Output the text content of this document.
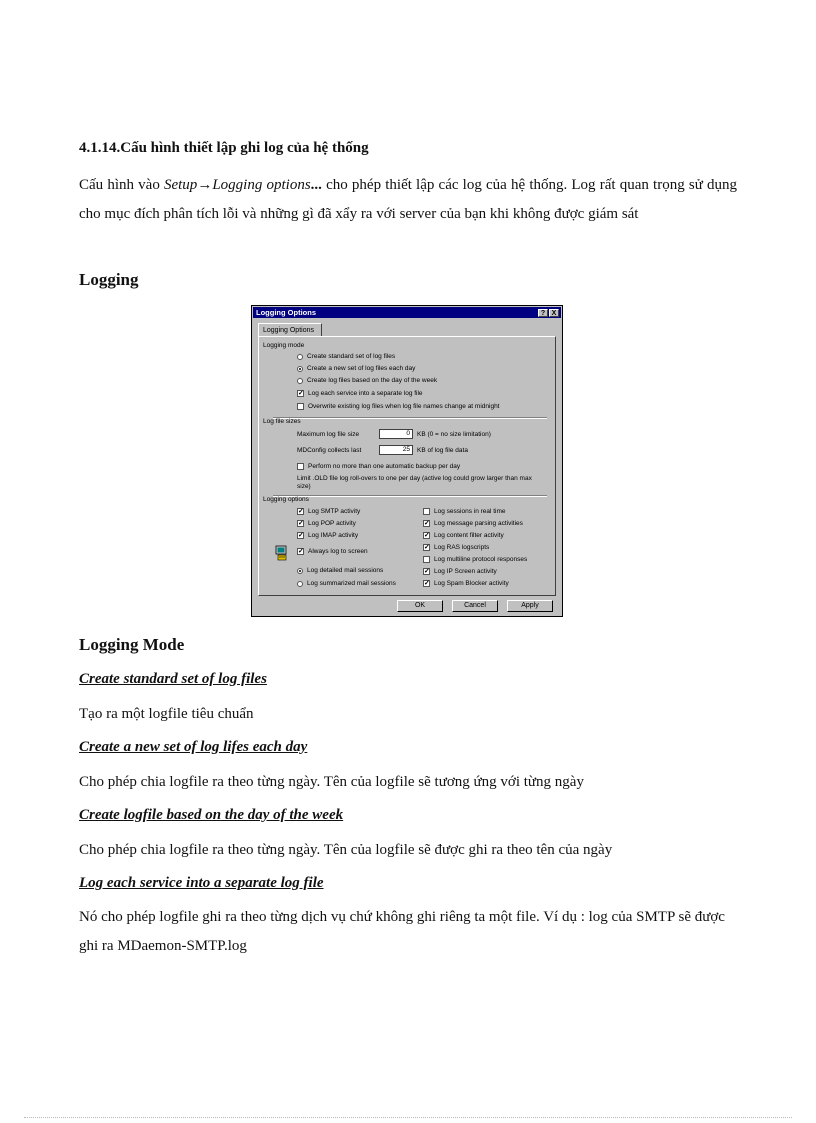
4.1.14.Cấu hình thiết lập ghi log của hệ thống
Cấu hình vào Setup→Logging options... cho phép thiết lập các log của hệ thống. Log rất quan trọng sử dụng cho mục đích phân tích lỗi và những gì đã xẩy ra với server của bạn khi không được giám sát
Logging
Logging Options	? X
Logging Options
Logging mode
Create standard set of log files
Create a new set of log files each day
Create log files based on the day of the week
✓ Log each service into a separate log file
Overwrite existing log files when log file names change at midnight
Log file sizes
Maximum log file size	0	KB (0 = no size limitation)
MDConfig collects last	25	KB of log file data
Perform no more than one automatic backup per day
Limit .OLD file log roll-overs to one per day (active log could grow larger than max size)
Logging options
✓ Log SMTP activity
✓ Log POP activity
✓ Log IMAP activity
✓ Always log to screen
Log detailed mail sessions
Log summarized mail sessions
Log sessions in real time
✓ Log message parsing activities
✓ Log content filter activity
✓ Log RAS logscripts
Log multiline protocol responses
✓ Log IP Screen activity
✓ Log Spam Blocker activity
OK	Cancel	Apply
Logging Mode
Create standard set of log files
Tạo ra một logfile tiêu chuẩn
Create a new set of log lifes each day
Cho phép chia logfile ra theo từng ngày. Tên của logfile sẽ tương ứng với từng ngày
Create logfile based on the day of the week
Cho phép chia logfile ra theo từng ngày. Tên của logfile sẽ được ghi ra theo tên của ngày
Log each service into a separate log file
Nó cho phép logfile ghi ra theo từng dịch vụ chứ không ghi riêng ta một file. Ví dụ : log của SMTP sẽ được ghi ra MDaemon-SMTP.log
